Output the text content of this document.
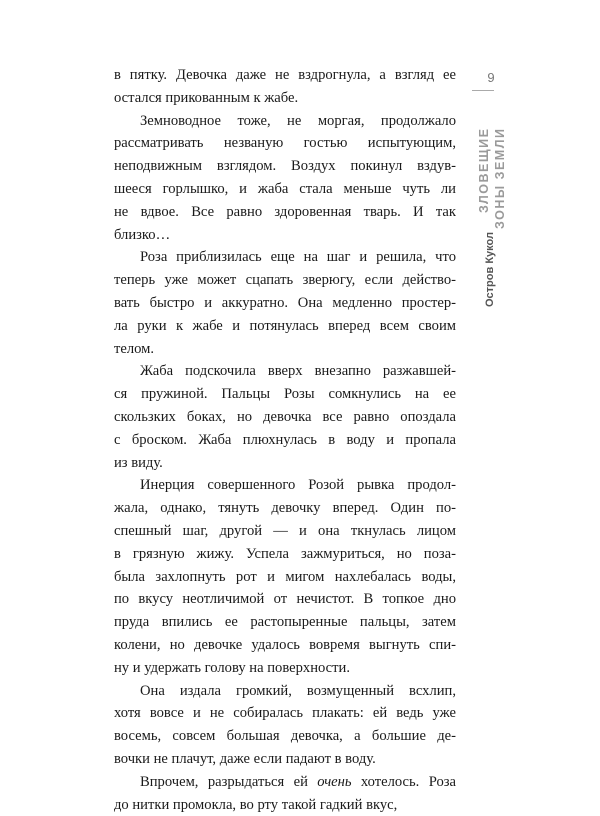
9
ЗЛОВЕЩИЕ ЗОНЫ ЗЕМЛИ
Остров Кукол
в пятку. Девочка даже не вздрогнула, а взгляд ее
остался прикованным к жабе.
Земноводное тоже, не моргая, продолжало
рассматривать незваную гостью испытующим,
неподвижным взглядом. Воздух покинул вздув-
шееся горлышко, и жаба стала меньше чуть ли
не вдвое. Все равно здоровенная тварь. И так
близко…
Роза приблизилась еще на шаг и решила, что
теперь уже может сцапать зверюгу, если действо-
вать быстро и аккуратно. Она медленно простер-
ла руки к жабе и потянулась вперед всем своим
телом.
Жаба подскочила вверх внезапно разжавшей-
ся пружиной. Пальцы Розы сомкнулись на ее
скользких боках, но девочка все равно опоздала
с броском. Жаба плюхнулась в воду и пропала
из виду.
Инерция совершенного Розой рывка продол-
жала, однако, тянуть девочку вперед. Один по-
спешный шаг, другой — и она ткнулась лицом
в грязную жижу. Успела зажмуриться, но поза-
была захлопнуть рот и мигом нахлебалась воды,
по вкусу неотличимой от нечистот. В топкое дно
пруда впились ее растопыренные пальцы, затем
колени, но девочке удалось вовремя выгнуть спи-
ну и удержать голову на поверхности.
Она издала громкий, возмущенный всхлип,
хотя вовсе и не собиралась плакать: ей ведь уже
восемь, совсем большая девочка, а большие де-
вочки не плачут, даже если падают в воду.
Впрочем, разрыдаться ей очень хотелось. Роза
до нитки промокла, во рту такой гадкий вкус,
